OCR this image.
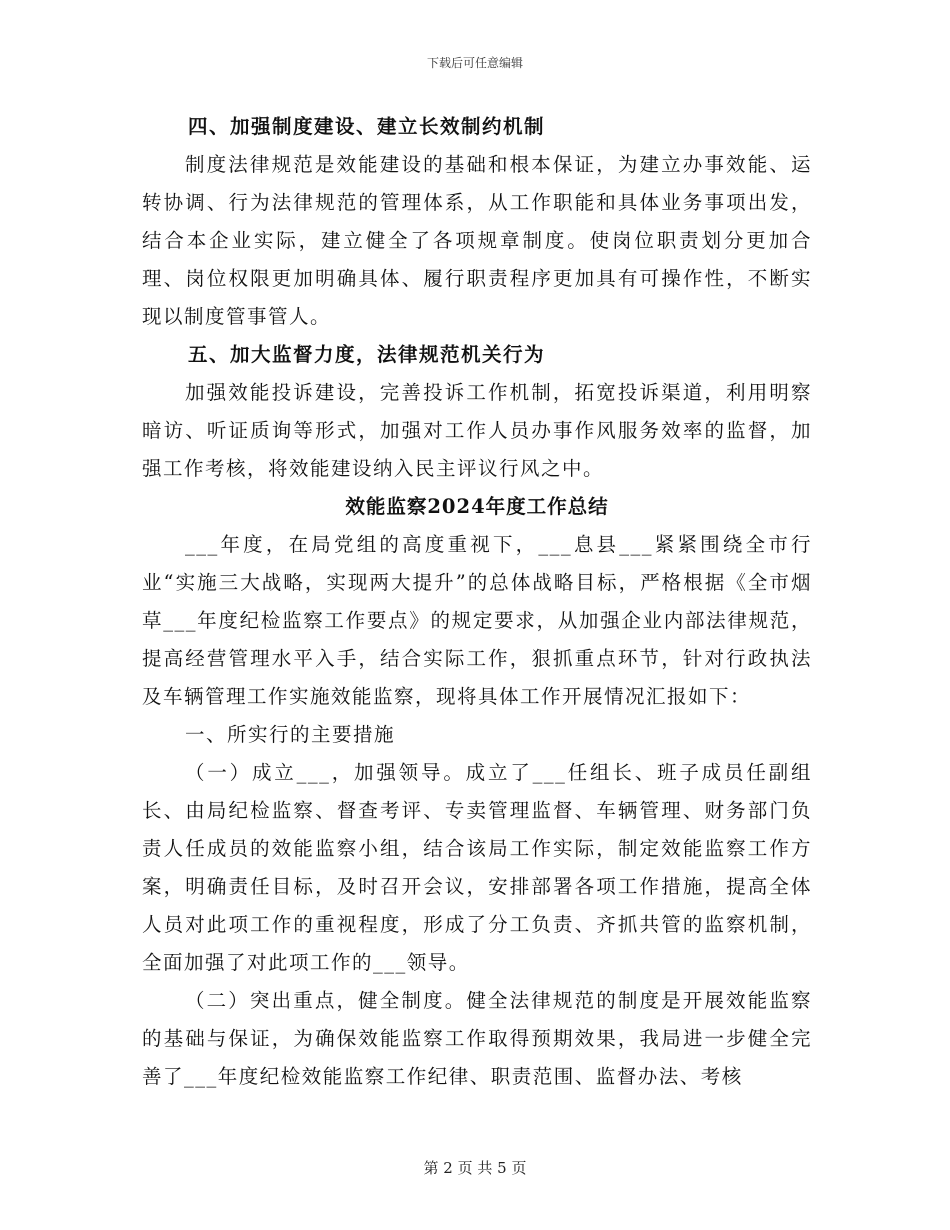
下载后可任意编辑

四、加强制度建设、建立长效制约机制

制度法律规范是效能建设的基础和根本保证，为建立办事效能、运转协调、行为法律规范的管理体系，从工作职能和具体业务事项出发，结合本企业实际，建立健全了各项规章制度。使岗位职责划分更加合理、岗位权限更加明确具体、履行职责程序更加具有可操作性，不断实现以制度管事管人。

五、加大监督力度，法律规范机关行为

加强效能投诉建设，完善投诉工作机制，拓宽投诉渠道，利用明察暗访、听证质询等形式，加强对工作人员办事作风服务效率的监督，加强工作考核，将效能建设纳入民主评议行风之中。

效能监察2024年度工作总结

___年度，在局党组的高度重视下，___息县___紧紧围绕全市行业“实施三大战略，实现两大提升”的总体战略目标，严格根据《全市烟草___年度纪检监察工作要点》的规定要求，从加强企业内部法律规范，提高经营管理水平入手，结合实际工作，狠抓重点环节，针对行政执法及车辆管理工作实施效能监察，现将具体工作开展情况汇报如下：

一、所实行的主要措施

（一）成立___，加强领导。成立了___任组长、班子成员任副组长、由局纪检监察、督查考评、专卖管理监督、车辆管理、财务部门负责人任成员的效能监察小组，结合该局工作实际，制定效能监察工作方案，明确责任目标，及时召开会议，安排部署各项工作措施，提高全体人员对此项工作的重视程度，形成了分工负责、齐抓共管的监察机制，全面加强了对此项工作的___领导。

（二）突出重点，健全制度。健全法律规范的制度是开展效能监察的基础与保证，为确保效能监察工作取得预期效果，我局进一步健全完善了___年度纪检效能监察工作纪律、职责范围、监督办法、考核

第 2 页 共 5 页
